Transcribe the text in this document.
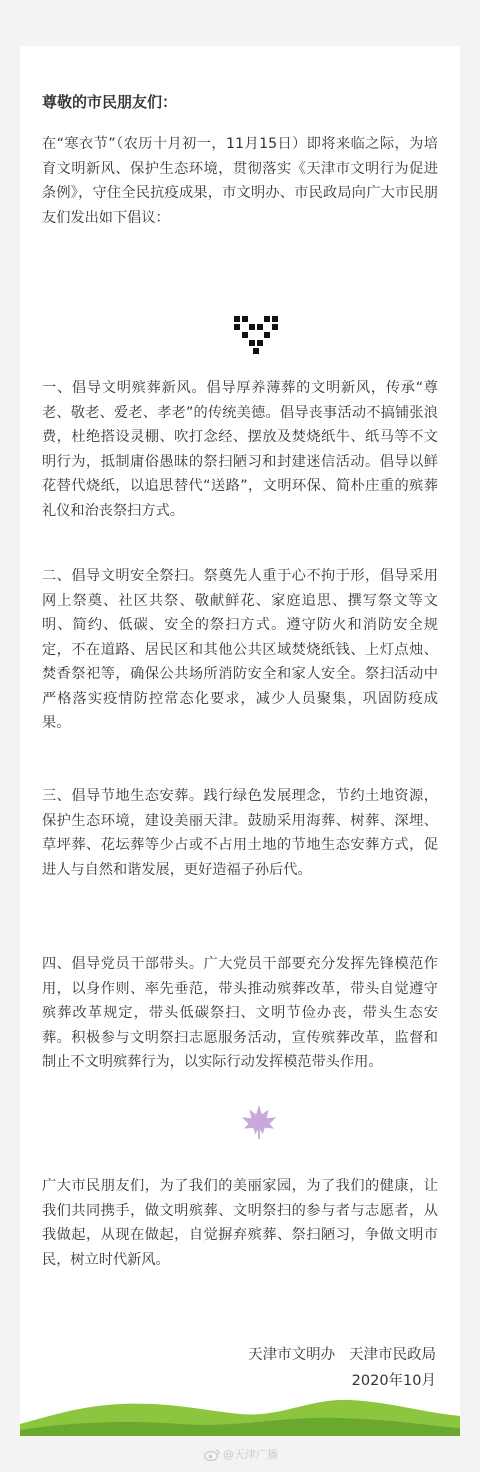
尊敬的市民朋友们：

在“寒衣节”（农历十月初一，11月15日）即将来临之际，为培育文明新风、保护生态环境，贯彻落实《天津市文明行为促进条例》，守住全民抗疫成果，市文明办、市民政局向广大市民朋友们发出如下倡议：

一、倡导文明殡葬新风。倡导厚养薄葬的文明新风，传承“尊老、敬老、爱老、孝老”的传统美德。倡导丧事活动不搞铺张浪费，杜绝搭设灵棚、吹打念经、摆放及焚烧纸牛、纸马等不文明行为，抵制庸俗愚昧的祭扫陋习和封建迷信活动。倡导以鲜花替代烧纸，以追思替代“送路”，文明环保、简朴庄重的殡葬礼仪和治丧祭扫方式。

二、倡导文明安全祭扫。祭奠先人重于心不拘于形，倡导采用网上祭奠、社区共祭、敬献鲜花、家庭追思、撰写祭文等文明、简约、低碳、安全的祭扫方式。遵守防火和消防安全规定，不在道路、居民区和其他公共区域焚烧纸钱、上灯点烛、焚香祭祀等，确保公共场所消防安全和家人安全。祭扫活动中严格落实疫情防控常态化要求，减少人员聚集，巩固防疫成果。

三、倡导节地生态安葬。践行绿色发展理念，节约土地资源，保护生态环境，建设美丽天津。鼓励采用海葬、树葬、深埋、草坪葬、花坛葬等少占或不占用土地的节地生态安葬方式，促进人与自然和谐发展，更好造福子孙后代。

四、倡导党员干部带头。广大党员干部要充分发挥先锋模范作用，以身作则、率先垂范，带头推动殡葬改革，带头自觉遵守殡葬改革规定，带头低碳祭扫、文明节俭办丧，带头生态安葬。积极参与文明祭扫志愿服务活动，宣传殡葬改革，监督和制止不文明殡葬行为，以实际行动发挥模范带头作用。

广大市民朋友们，为了我们的美丽家园，为了我们的健康，让我们共同携手，做文明殡葬、文明祭扫的参与者与志愿者，从我做起，从现在做起，自觉摒弃殡葬、祭扫陋习，争做文明市民，树立时代新风。

天津市文明办   天津市民政局
2020年10月
@天津广播
